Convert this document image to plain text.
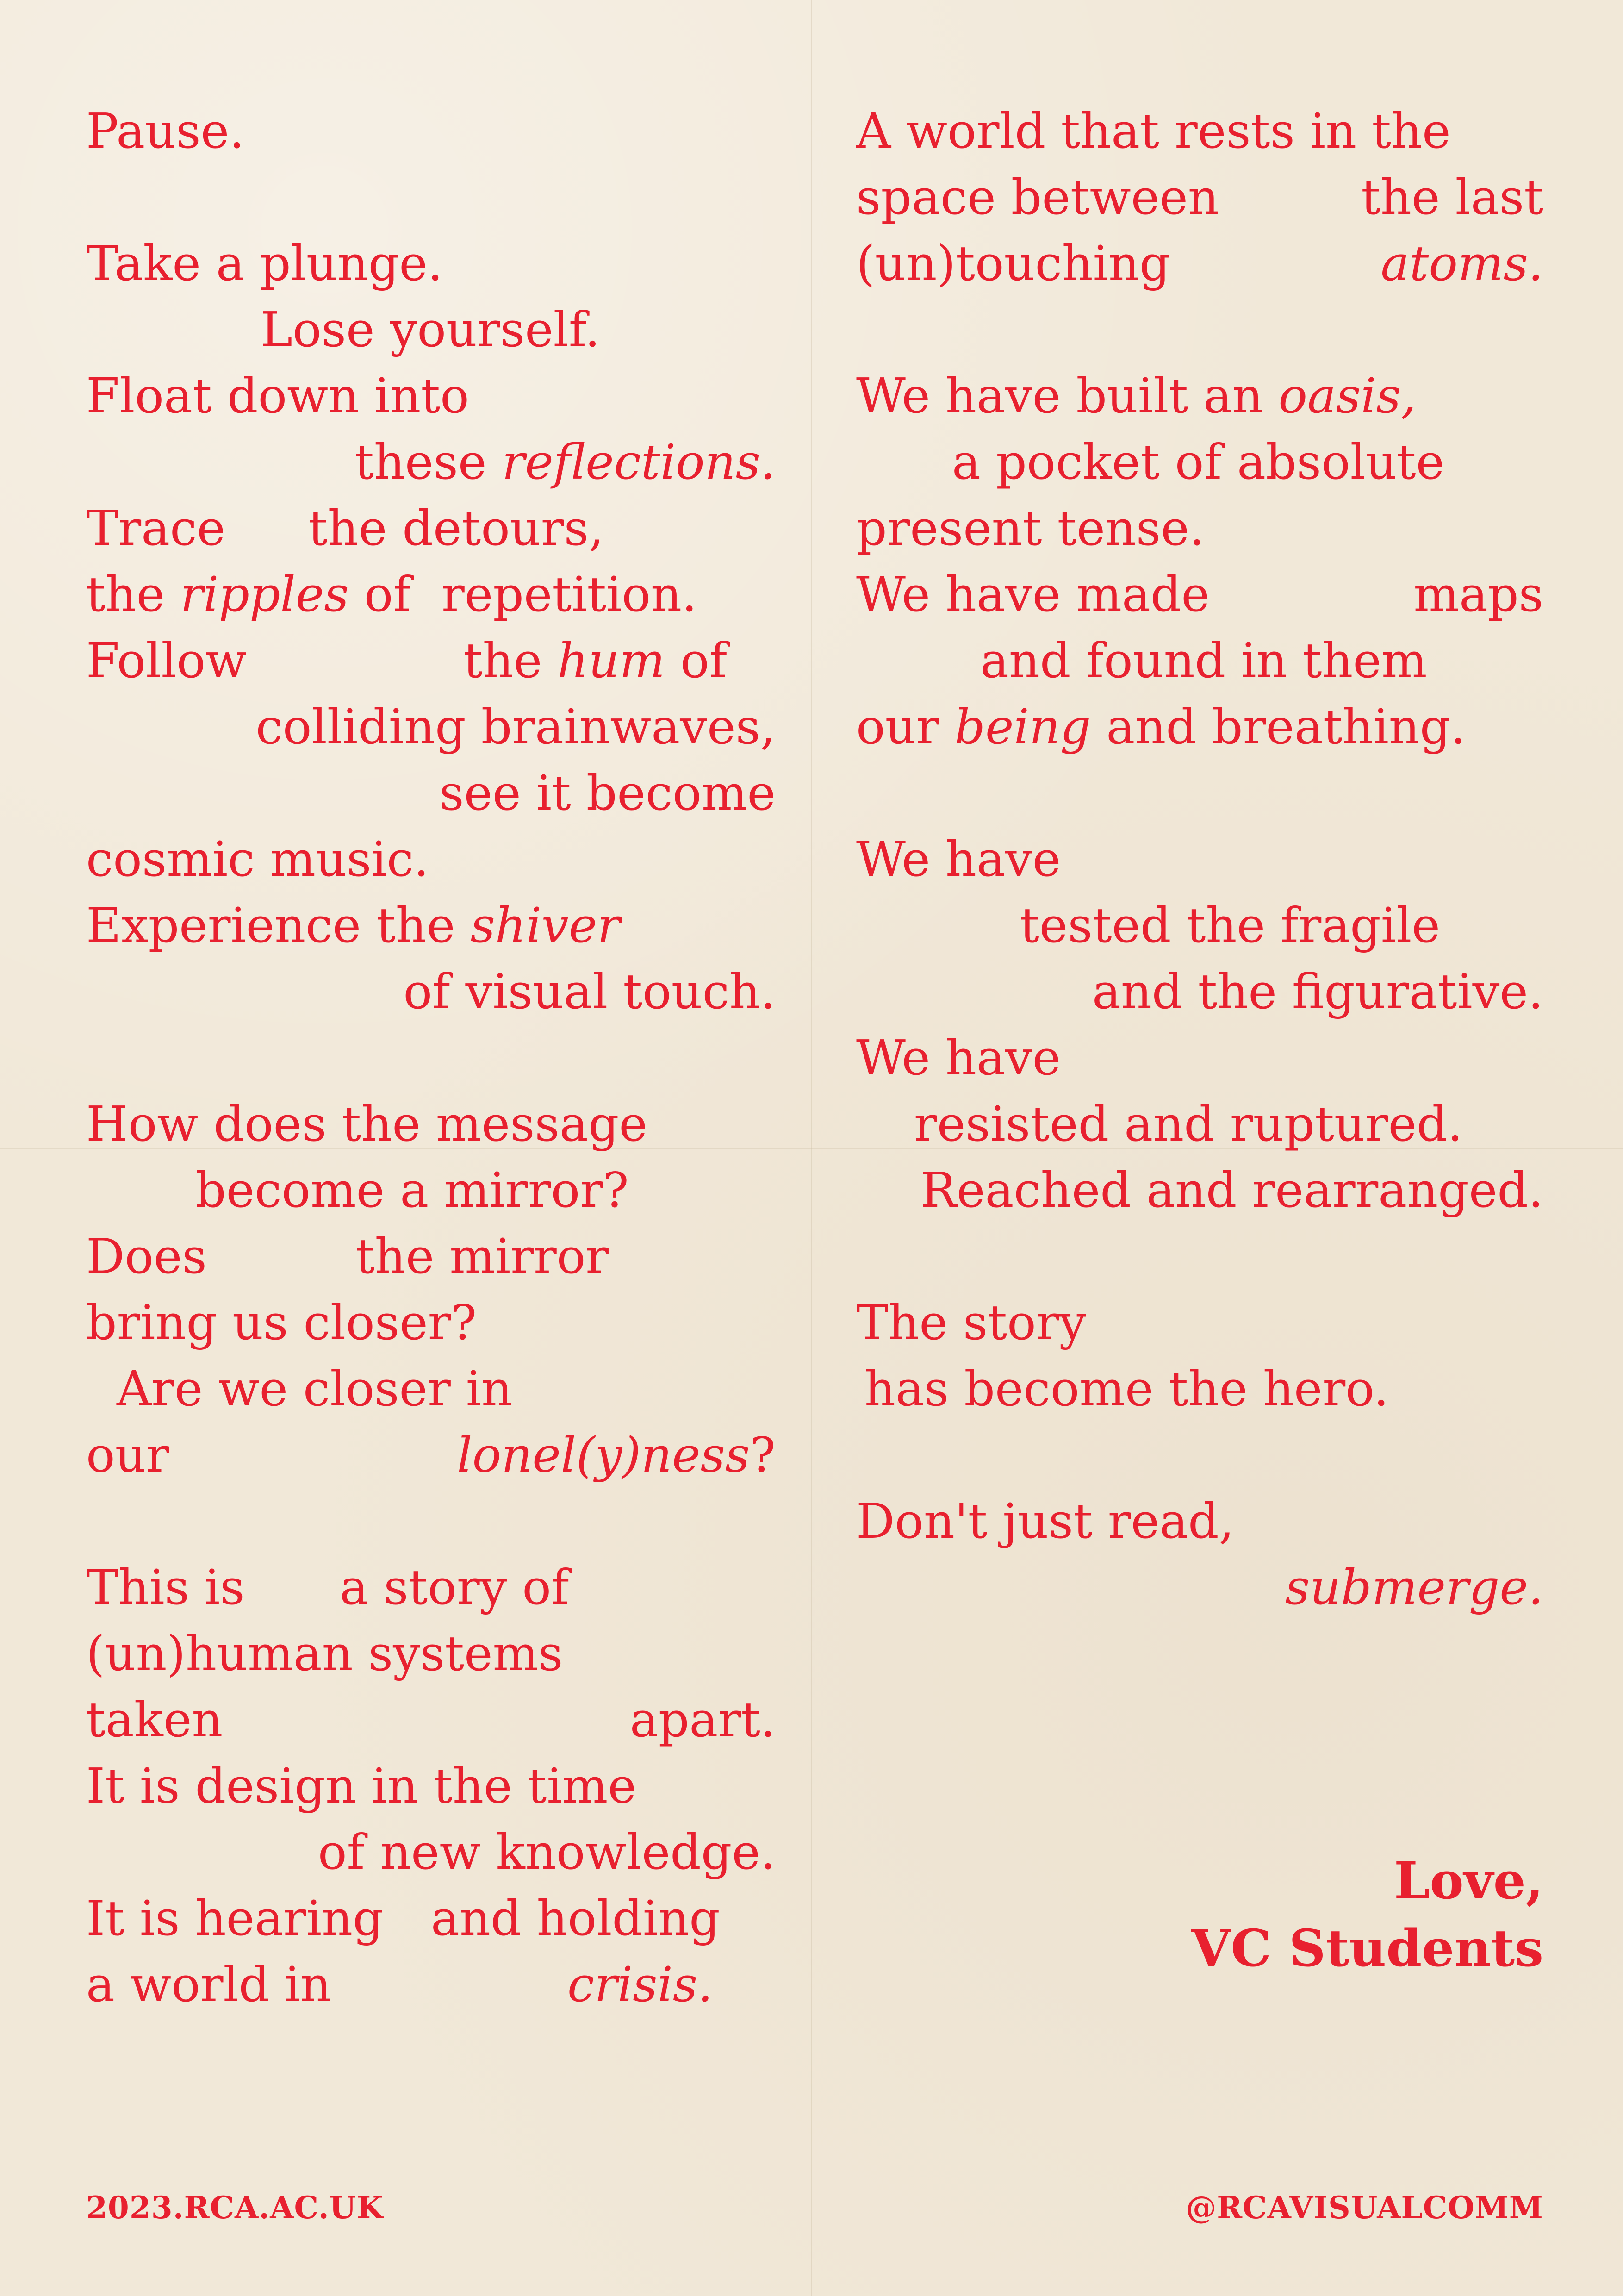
Pause.
Take a plunge.
Lose yourself.
Float down into
these reflections.
Trace the detours,
the ripples of  repetition.
Follow	the hum of
colliding brainwaves,
see it become
cosmic music.
Experience the shiver
of visual touch.
How does the message
become a mirror?
Does	the mirror
bring us closer?
Are we closer in
our	lonel(y)ness?
This is a story of
(un)human systems
taken	apart.
It is design in the time
of new knowledge.
It is hearing and holding
a world in	crisis.
A world that rests in the
space between	the last
(un)touching	atoms.
We have built an oasis,
a pocket of absolute
present tense.
We have made	maps
and found in them
our being and breathing.
We have
tested the fragile
and the figurative.
We have
resisted and ruptured.
Reached and rearranged.
The story
has become the hero.
Don't just read,
submerge.
Love,
VC Students
2023.RCA.AC.UK	@RCAVISUALCOMM
